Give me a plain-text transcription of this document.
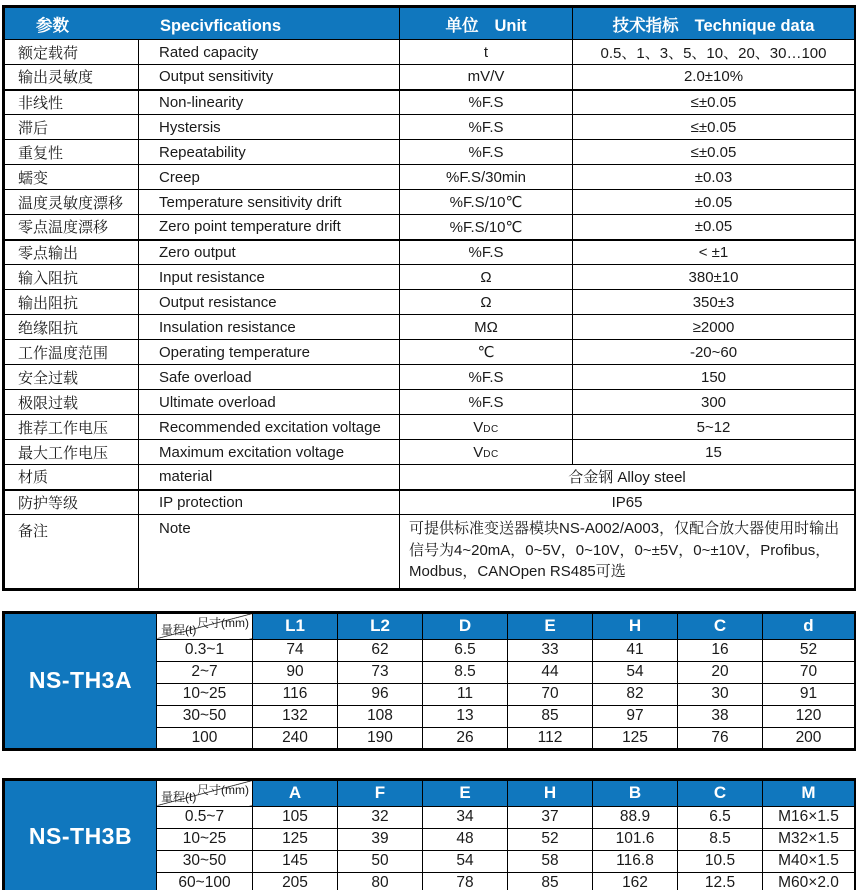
参数 Specivfications		单位 Unit	技术指标 Technique data
额定载荷	Rated capacity	t	0.5、1、3、5、10、20、30…100
输出灵敏度	Output sensitivity	mV/V	2.0±10%
非线性	Non-linearity	%F.S	≤±0.05
滞后	Hystersis	%F.S	≤±0.05
重复性	Repeatability	%F.S	≤±0.05
蠕变	Creep	%F.S/30min	±0.03
温度灵敏度漂移	Temperature sensitivity drift	%F.S/10℃	±0.05
零点温度漂移	Zero point temperature drift	%F.S/10℃	±0.05
零点输出	Zero output	%F.S	< ±1
输入阻抗	Input resistance	Ω	380±10
输出阻抗	Output resistance	Ω	350±3
绝缘阻抗	Insulation resistance	MΩ	≥2000
工作温度范围	Operating temperature	℃	-20~60
安全过载	Safe overload	%F.S	150
极限过载	Ultimate overload	%F.S	300
推荐工作电压	Recommended excitation voltage	VDC	5~12
最大工作电压	Maximum excitation voltage	VDC	15
材质	material	合金钢 Alloy steel	
防护等级	IP protection	IP65	
备注	Note	可提供标准变送器模块NS-A002/A003，仅配合放大器使用时输出信号为4~20mA，0~5V，0~10V，0~±5V，0~±10V，Profibus，Modbus，CANOpen RS485可选	
NS-TH3A	尺寸(mm)
量程(t)	L1	L2	D	E	H	C	d
	0.3~1	74	62	6.5	33	41	16	52
	2~7	90	73	8.5	44	54	20	70
	10~25	116	96	11	70	82	30	91
	30~50	132	108	13	85	97	38	120
	100	240	190	26	112	125	76	200
NS-TH3B	尺寸(mm)
量程(t)	A	F	E	H	B	C	M
	0.5~7	105	32	34	37	88.9	6.5	M16×1.5
	10~25	125	39	48	52	101.6	8.5	M32×1.5
	30~50	145	50	54	58	116.8	10.5	M40×1.5
	60~100	205	80	78	85	162	12.5	M60×2.0
